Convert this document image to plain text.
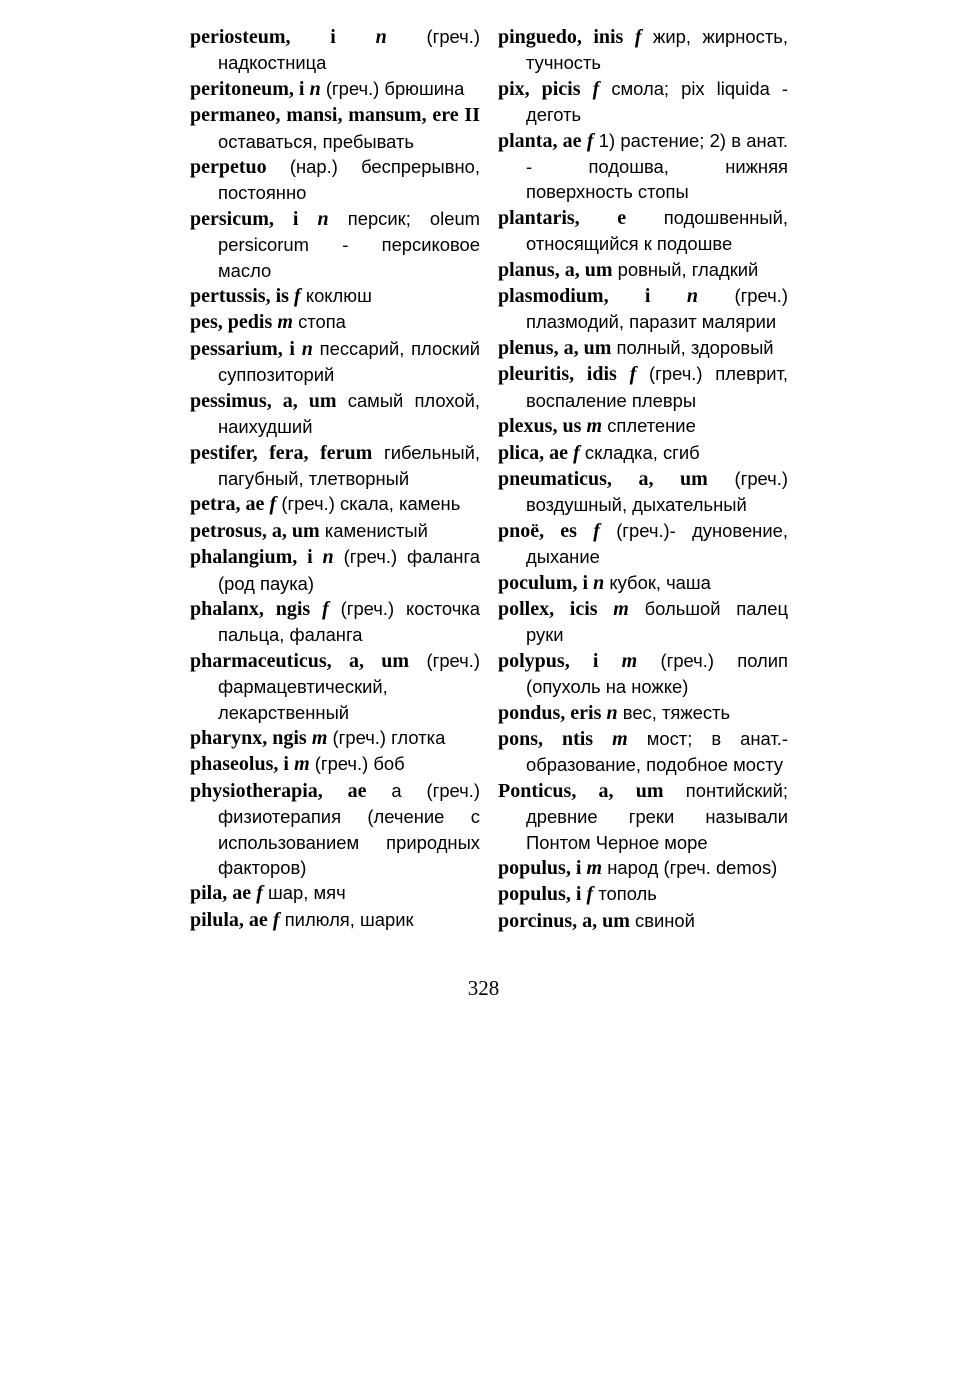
periosteum, i n (греч.) надкостница

peritoneum, i n (греч.) брюшина

permaneo, mansi, mansum, ere II оставаться, пребывать

perpetuo (нар.) беспрерывно, постоянно

persicum, i n персик; oleum persicorum - персиковое масло

pertussis, is f коклюш

pes, pedis m стопа

pessarium, i n пессарий, плоский суппозиторий

pessimus, a, um самый плохой, наихудший

pestifer, fera, ferum гибельный, пагубный, тлетворный

petra, ae f (греч.) скала, камень

petrosus, a, um каменистый

phalangium, i n (греч.) фаланга (род паука)

phalanx, ngis f (греч.) косточка пальца, фаланга

pharmaceuticus, a, um (греч.) фармацевтический, лекарственный

pharynx, ngis m (греч.) глотка

phaseolus, i m (греч.) боб

physiotherapia, ae a (греч.) физиотерапия (лечение с использованием природных факторов)

pila, ae f шар, мяч

pilula, ae f пилюля, шарик

pinguedo, inis f жир, жирность, тучность

pix, picis f смола; pix liquida - деготь

planta, ae f 1) растение; 2) в анат. - подошва, нижняя поверхность стопы

plantaris, e подошвенный, относящийся к подошве

planus, a, um ровный, гладкий

plasmodium, i n (греч.) плазмодий, паразит малярии

plenus, a, um полный, здоровый

pleuritis, idis f (греч.) плеврит, воспаление плевры

plexus, us m сплетение

plica, ae f складка, сгиб

pneumaticus, a, um (греч.) воздушный, дыхательный

pnoë, es f (греч.)- дуновение, дыхание

poculum, i n кубок, чаша

pollex, icis m большой палец руки

polypus, i m (греч.) полип (опухоль на ножке)

pondus, eris n вес, тяжесть

pons, ntis m мост; в анат.-образование, подобное мосту

Ponticus, a, um понтийский; древние греки называли Понтом Черное море

populus, i m народ (греч. demos)

populus, i f тополь

porcinus, a, um свиной

328
